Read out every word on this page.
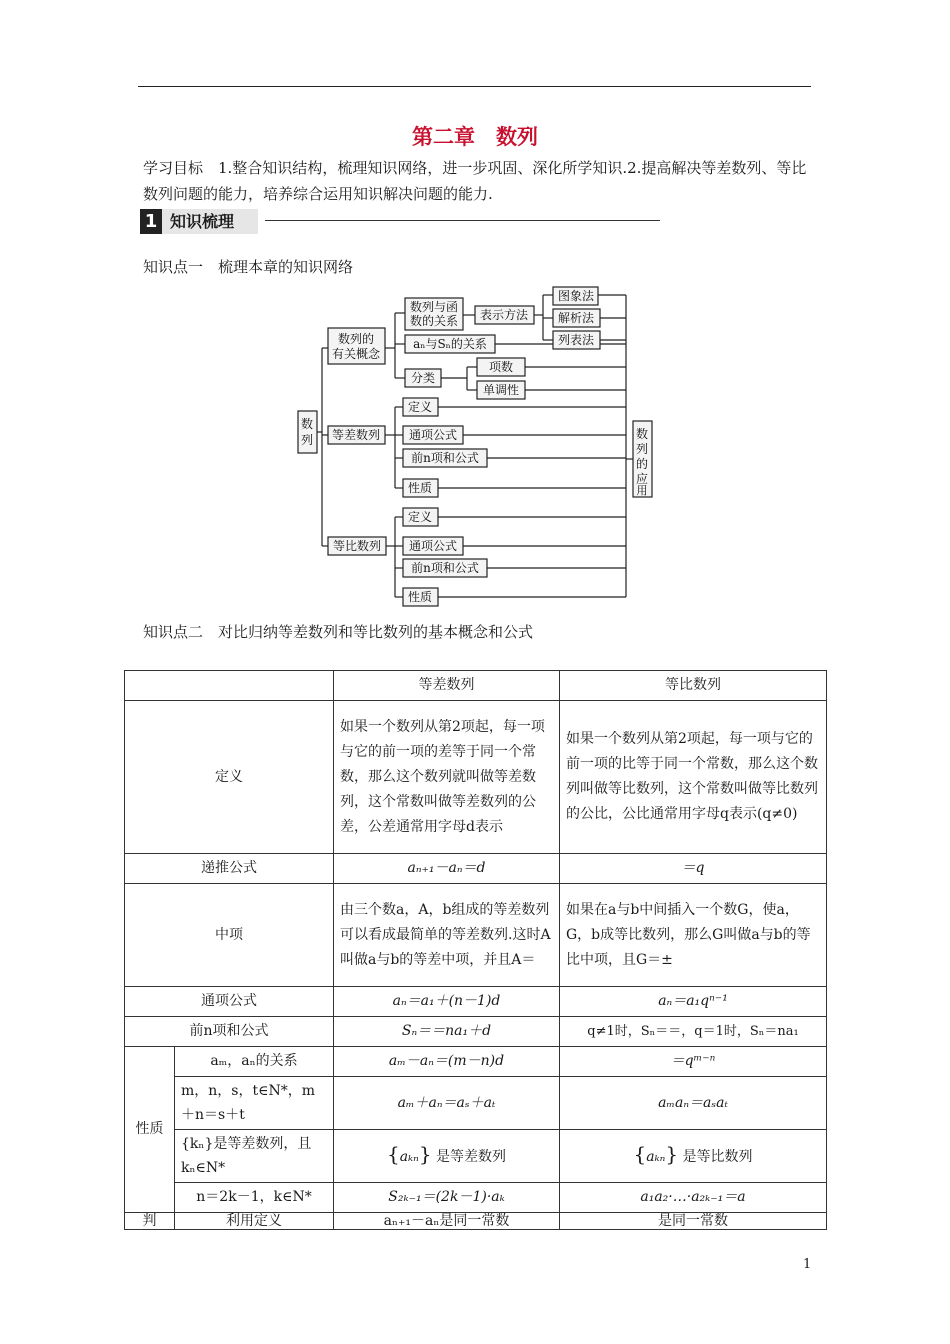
第二章　数列
学习目标　1.整合知识结构，梳理知识网络，进一步巩固、深化所学知识.2.提高解决等差数列、等比数列问题的能力，培养综合运用知识解决问题的能力.
1 知识梳理
知识点一　梳理本章的知识网络
数
列
数列的
有关概念
数列与函
数的关系 表示方法
图象法
解析法
列表法
aₙ与Sₙ的关系
分类
项数
单调性
等差数列
定义
通项公式
前n项和公式
性质
等比数列
定义
通项公式
前n项和公式
性质
数
列
的
应
用
知识点二　对比归纳等差数列和等比数列的基本概念和公式
		等差数列	等比数列
定义		如果一个数列从第2项起，每一项与它的前一项的差等于同一个常数，那么这个数列就叫做等差数列，这个常数叫做等差数列的公差，公差通常用字母d表示	如果一个数列从第2项起，每一项与它的前一项的比等于同一个常数，那么这个数列叫做等比数列，这个常数叫做等比数列的公比，公比通常用字母q表示(q≠0)
递推公式		aₙ₊₁－aₙ＝d	＝q
中项		由三个数a，A，b组成的等差数列可以看成最简单的等差数列.这时A叫做a与b的等差中项，并且A＝	如果在a与b中间插入一个数G，使a，G，b成等比数列，那么G叫做a与b的等比中项，且G＝±
通项公式		aₙ＝a₁＋(n－1)d	aₙ＝a₁qⁿ⁻¹
前n项和公式		Sₙ＝＝na₁＋d	q≠1时，Sₙ＝＝，q＝1时，Sₙ＝na₁
性质	aₘ，aₙ的关系	aₘ－aₙ＝(m－n)d	＝qᵐ⁻ⁿ
	m，n，s，t∈N*，m＋n＝s＋t	aₘ＋aₙ＝aₛ＋aₜ	aₘaₙ＝aₛaₜ
	{kₙ}是等差数列，且kₙ∈N*	{aₖₙ} 是等差数列	{aₖₙ} 是等比数列
	n＝2k－1，k∈N*	S₂ₖ₋₁＝(2k－1)·aₖ	a₁a₂·…·a₂ₖ₋₁＝a
判	利用定义	aₙ₊₁－aₙ是同一常数	是同一常数
1
